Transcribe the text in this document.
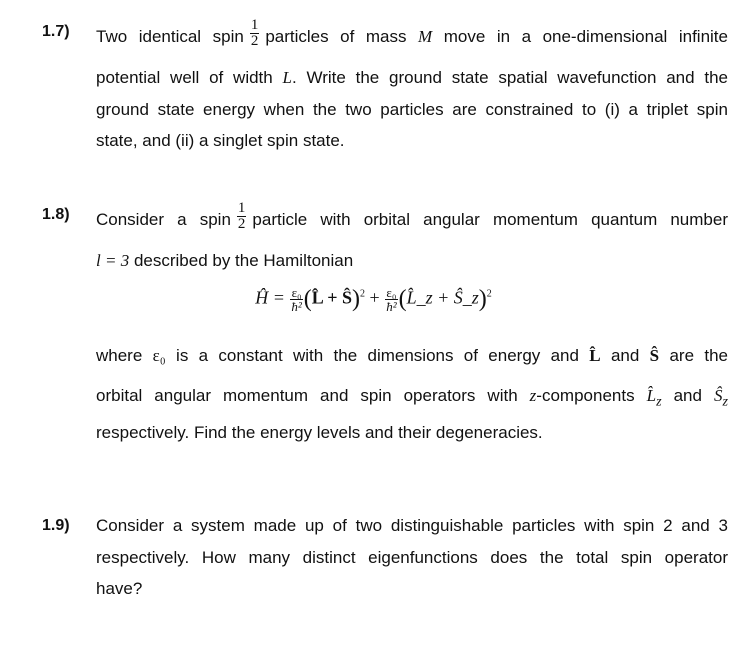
1.7) Two identical spin $\frac{1}{2}$ particles of mass M move in a one-dimensional infinite
potential well of width L. Write the ground state spatial wavefunction and the
ground state energy when the two particles are constrained to (i) a triplet spin
state, and (ii) a singlet spin state.
1.8) Consider a spin $\frac{1}{2}$ particle with orbital angular momentum quantum number
l = 3 described by the Hamiltonian
Ĥ = $\frac{\text{ε₀}}{\text{ħ²}}$ (L̂ + Ŝ)$^2$ + $\frac{\text{ε₀}}{\text{ħ²}}$ (L̂_z + Ŝ_z)$^2$
where ε₀ is a constant with the dimensions of energy and L̂ and Ŝ are the
orbital angular momentum and spin operators with z-components $L̂_z$ and $Ŝ_z$
respectively. Find the energy levels and their degeneracies.
1.9) Consider a system made up of two distinguishable particles with spin 2 and 3
respectively. How many distinct eigenfunctions does the total spin operator
have?
